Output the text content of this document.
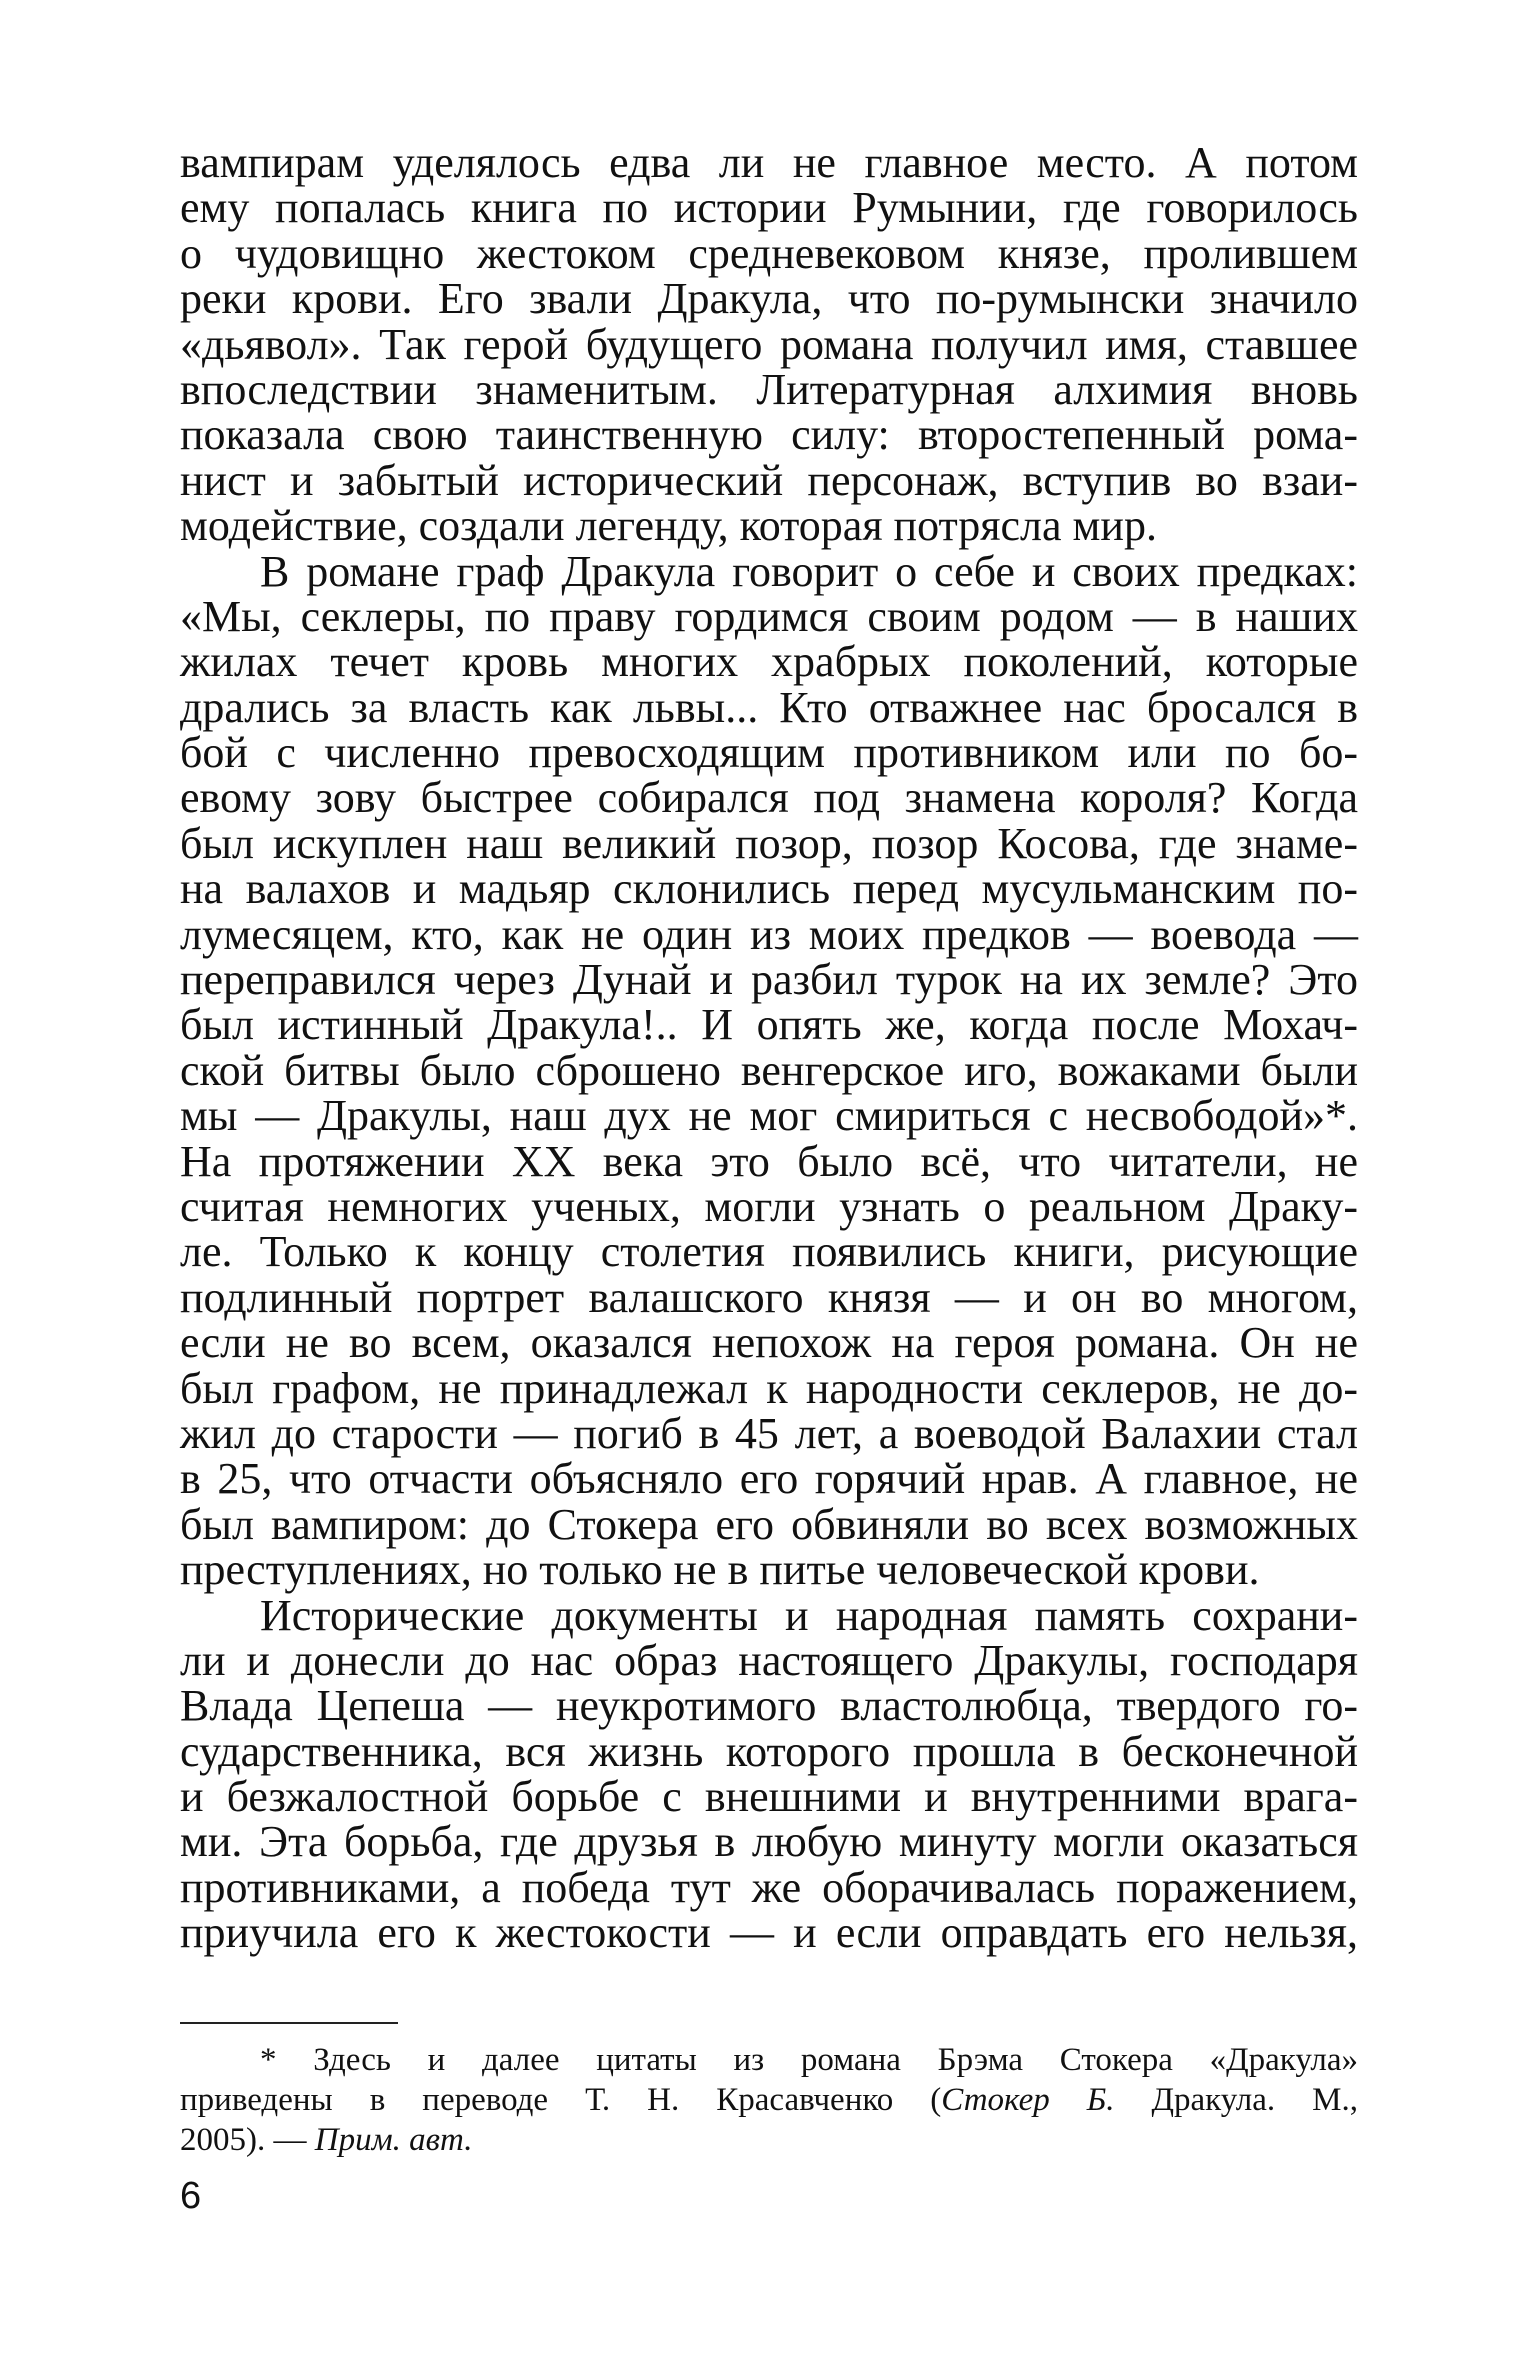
вампирам уделялось едва ли не главное место. А потом
ему попалась книга по истории Румынии, где говорилось
о чудовищно жестоком средневековом князе, пролившем
реки крови. Его звали Дракула, что по-румынски значило
«дьявол». Так герой будущего романа получил имя, ставшее
впоследствии знаменитым. Литературная алхимия вновь
показала свою таинственную силу: второстепенный рома-
нист и забытый исторический персонаж, вступив во взаи-
модействие, создали легенду, которая потрясла мир.
В романе граф Дракула говорит о себе и своих предках:
«Мы, секлеры, по праву гордимся своим родом — в наших
жилах течет кровь многих храбрых поколений, которые
дрались за власть как львы... Кто отважнее нас бросался в
бой с численно превосходящим противником или по бо-
евому зову быстрее собирался под знамена короля? Когда
был искуплен наш великий позор, позор Косова, где знаме-
на валахов и мадьяр склонились перед мусульманским по-
лумесяцем, кто, как не один из моих предков — воевода —
переправился через Дунай и разбил турок на их земле? Это
был истинный Дракула!.. И опять же, когда после Мохач-
ской битвы было сброшено венгерское иго, вожаками были
мы — Дракулы, наш дух не мог смириться с несвободой»*.
На протяжении XX века это было всё, что читатели, не
считая немногих ученых, могли узнать о реальном Драку-
ле. Только к концу столетия появились книги, рисующие
подлинный портрет валашского князя — и он во многом,
если не во всем, оказался непохож на героя романа. Он не
был графом, не принадлежал к народности секлеров, не до-
жил до старости — погиб в 45 лет, а воеводой Валахии стал
в 25, что отчасти объясняло его горячий нрав. А главное, не
был вампиром: до Стокера его обвиняли во всех возможных
преступлениях, но только не в питье человеческой крови.
Исторические документы и народная память сохрани-
ли и донесли до нас образ настоящего Дракулы, господаря
Влада Цепеша — неукротимого властолюбца, твердого го-
сударственника, вся жизнь которого прошла в бесконечной
и безжалостной борьбе с внешними и внутренними врага-
ми. Эта борьба, где друзья в любую минуту могли оказаться
противниками, а победа тут же оборачивалась поражением,
приучила его к жестокости — и если оправдать его нельзя,
* Здесь и далее цитаты из романа Брэма Стокера «Дракула»
приведены в переводе Т. Н. Красавченко (Стокер Б. Дракула. М.,
2005). — Прим. авт.
6
